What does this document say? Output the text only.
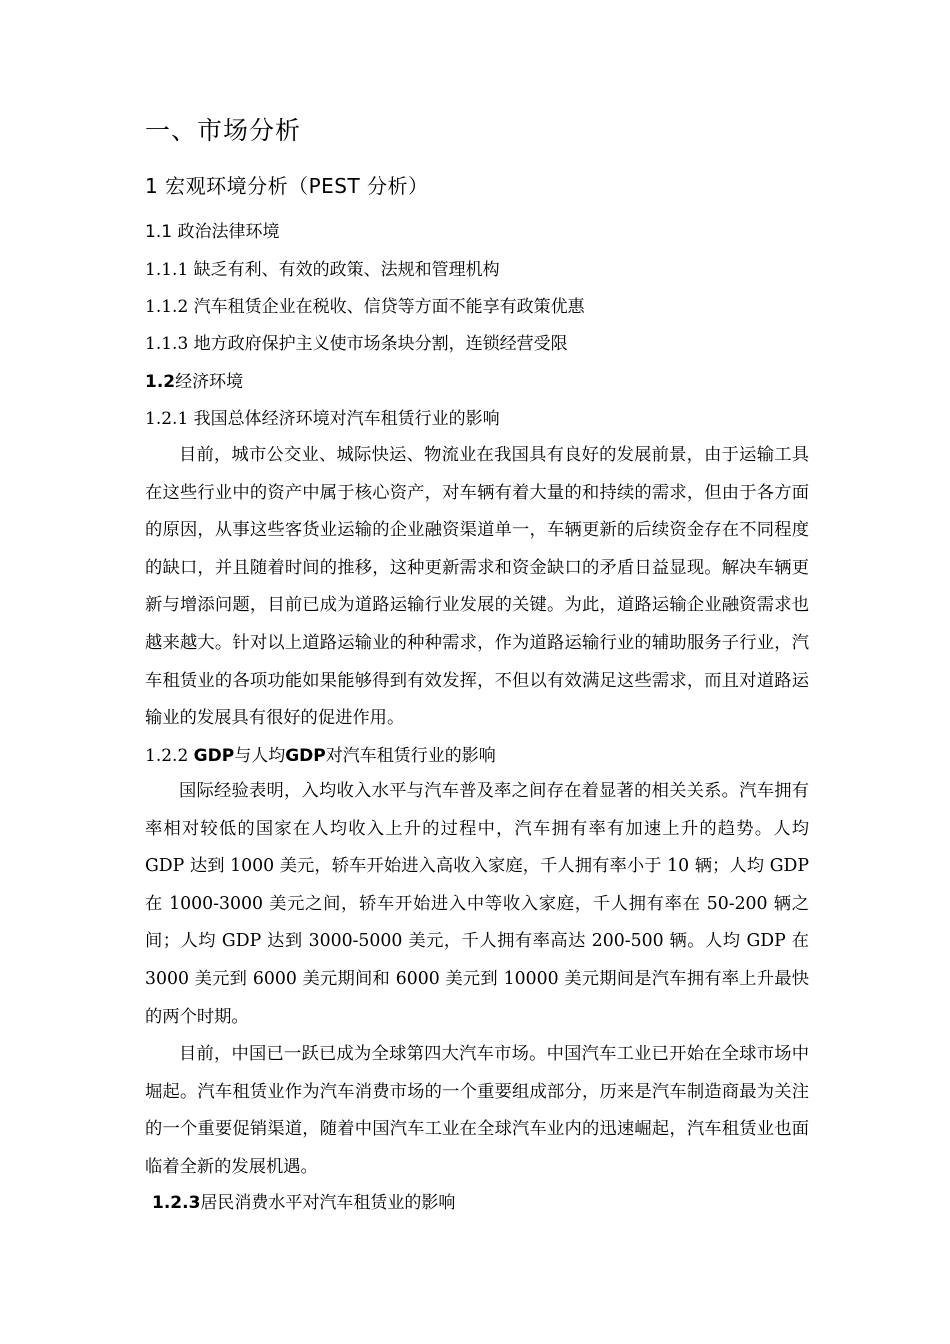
一、市场分析
1 宏观环境分析（PEST 分析）
1.1 政治法律环境
1.1.1 缺乏有利、有效的政策、法规和管理机构
1.1.2 汽车租赁企业在税收、信贷等方面不能享有政策优惠
1.1.3 地方政府保护主义使市场条块分割，连锁经营受限
1.2经济环境
1.2.1 我国总体经济环境对汽车租赁行业的影响

目前，城市公交业、城际快运、物流业在我国具有良好的发展前景，由于运输工具在这些行业中的资产中属于核心资产，对车辆有着大量的和持续的需求，但由于各方面的原因，从事这些客货业运输的企业融资渠道单一，车辆更新的后续资金存在不同程度的缺口，并且随着时间的推移，这种更新需求和资金缺口的矛盾日益显现。解决车辆更新与增添问题，目前已成为道路运输行业发展的关键。为此，道路运输企业融资需求也越来越大。针对以上道路运输业的种种需求，作为道路运输行业的辅助服务子行业，汽车租赁业的各项功能如果能够得到有效发挥，不但以有效满足这些需求，而且对道路运输业的发展具有很好的促进作用。

1.2.2 GDP与人均GDP对汽车租赁行业的影响

国际经验表明，入均收入水平与汽车普及率之间存在着显著的相关关系。汽车拥有率相对较低的国家在人均收入上升的过程中，汽车拥有率有加速上升的趋势。人均 GDP 达到 1000 美元，轿车开始进入高收入家庭，千人拥有率小于 10 辆；人均 GDP 在 1000-3000 美元之间，轿车开始进入中等收入家庭，千人拥有率在 50-200 辆之间；人均 GDP 达到 3000-5000 美元，千人拥有率高达 200-500 辆。人均 GDP 在 3000 美元到 6000 美元期间和 6000 美元到 10000 美元期间是汽车拥有率上升最快的两个时期。

目前，中国已一跃已成为全球第四大汽车市场。中国汽车工业已开始在全球市场中堀起。汽车租赁业作为汽车消费市场的一个重要组成部分，历来是汽车制造商最为关注的一个重要促销渠道，随着中国汽车工业在全球汽车业内的迅速崛起，汽车租赁业也面临着全新的发展机遇。

1.2.3居民消费水平对汽车租赁业的影响
